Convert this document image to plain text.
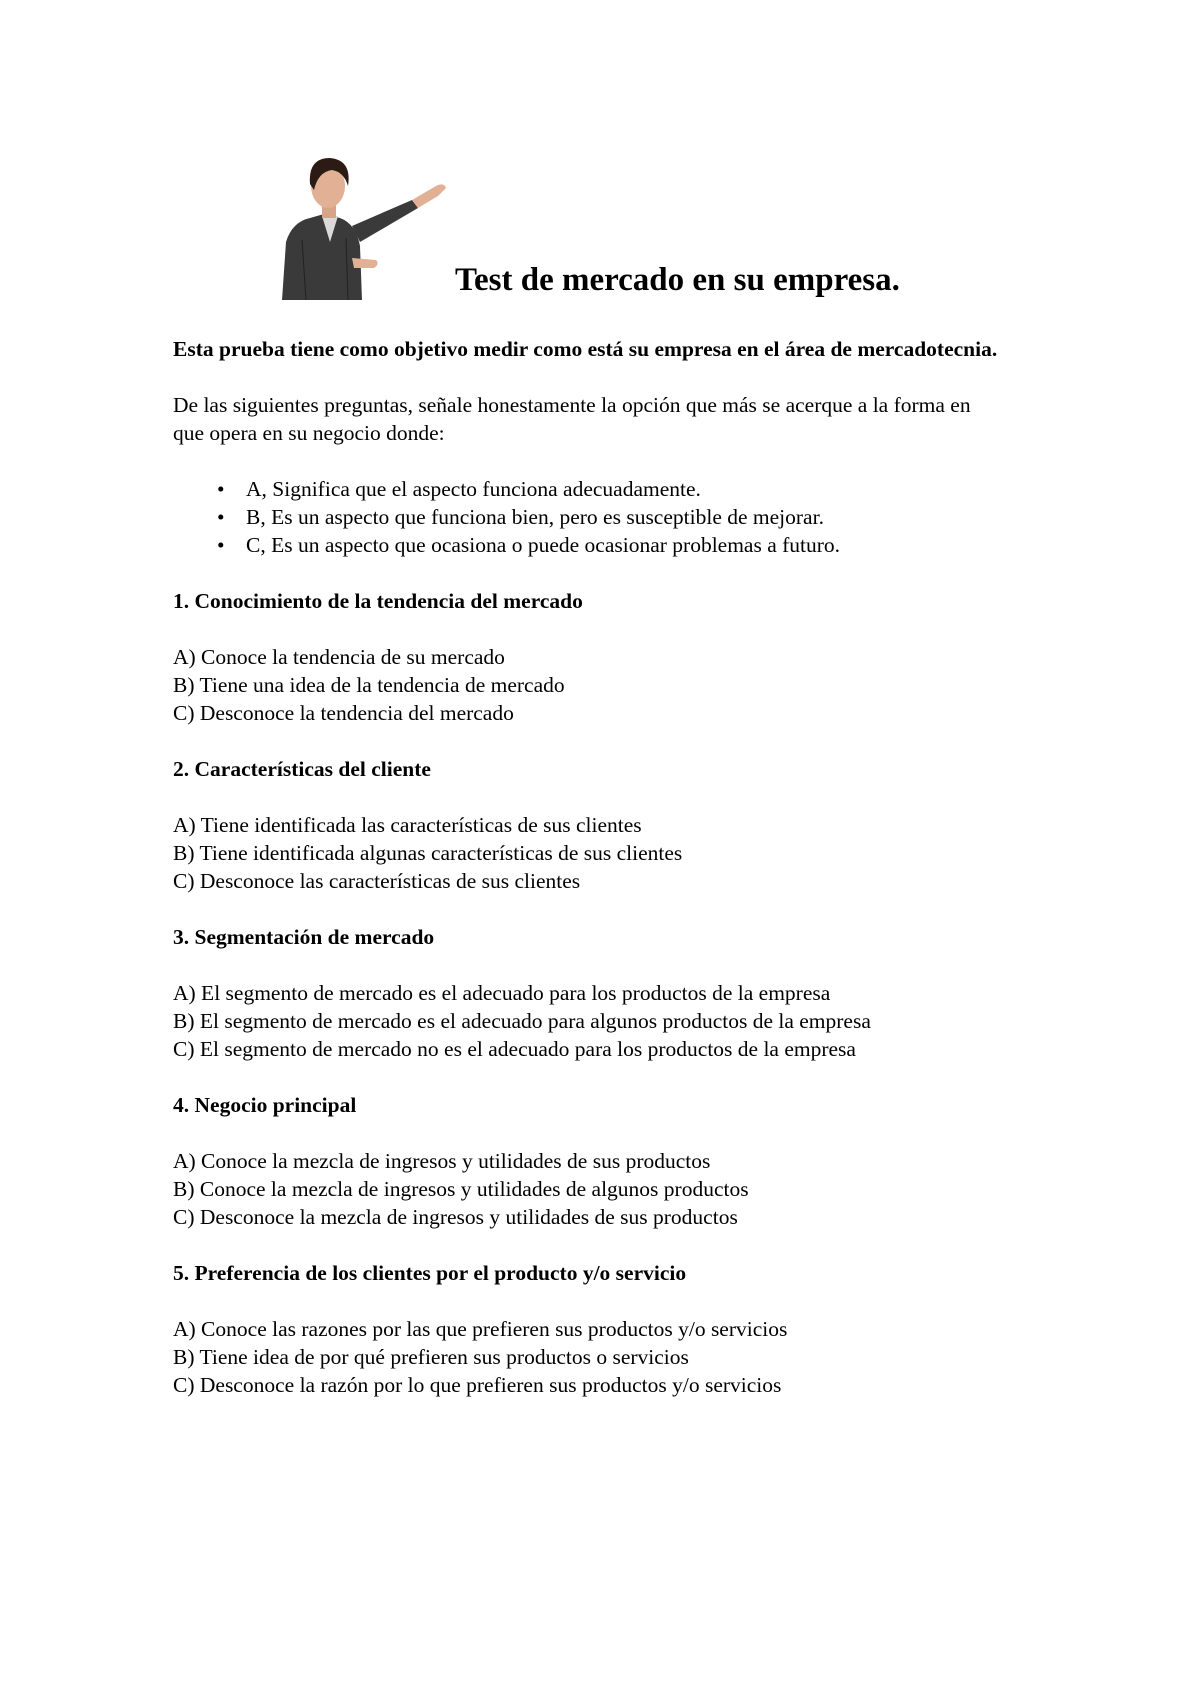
Test de mercado en su empresa.

Esta prueba tiene como objetivo medir como está su empresa en el área de mercadotecnia.

De las siguientes preguntas, señale honestamente la opción que más se acerque a la forma en que opera en su negocio donde:

• A, Significa que el aspecto funciona adecuadamente.
• B, Es un aspecto que funciona bien, pero es susceptible de mejorar.
• C, Es un aspecto que ocasiona o puede ocasionar problemas a futuro.

1. Conocimiento de la tendencia del mercado

A) Conoce la tendencia de su mercado

B) Tiene una idea de la tendencia de mercado

C) Desconoce la tendencia del mercado

2. Características del cliente

A) Tiene identificada las características de sus clientes

B) Tiene identificada algunas características de sus clientes

C) Desconoce las características de sus clientes

3. Segmentación de mercado

A) El segmento de mercado es el adecuado para los productos de la empresa

B) El segmento de mercado es el adecuado para algunos productos de la empresa

C) El segmento de mercado no es el adecuado para los productos de la empresa

4. Negocio principal

A) Conoce la mezcla de ingresos y utilidades de sus productos

B) Conoce la mezcla de ingresos y utilidades de algunos productos

C) Desconoce la mezcla de ingresos y utilidades de sus productos

5. Preferencia de los clientes por el producto y/o servicio

A) Conoce las razones por las que prefieren sus productos y/o servicios

B) Tiene idea de por qué prefieren sus productos o servicios

C) Desconoce la razón por lo que prefieren sus productos y/o servicios
